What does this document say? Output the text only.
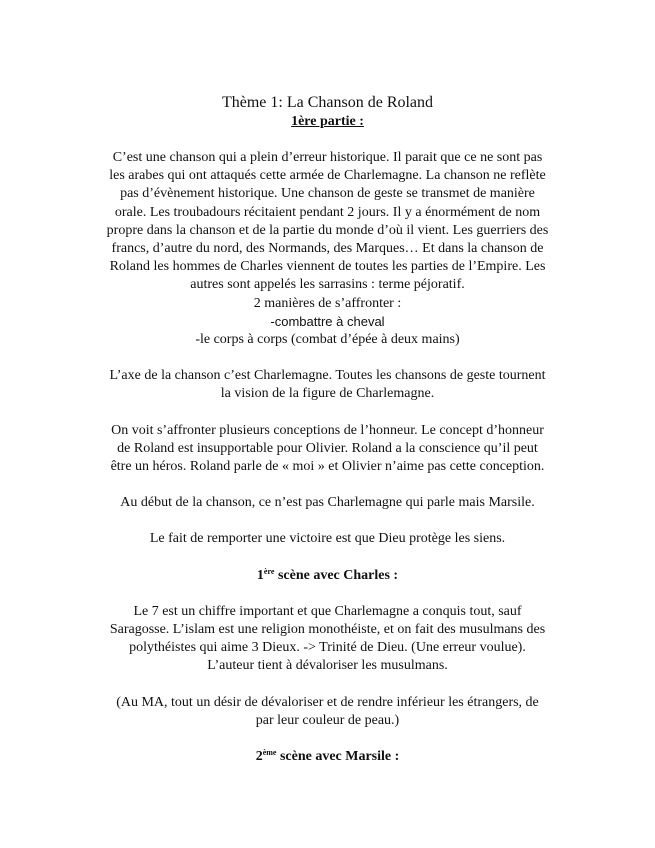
Thème 1: La Chanson de Roland

1ère partie :

C’est une chanson qui a plein d’erreur historique. Il parait que ce ne sont pas

les arabes qui ont attaqués cette armée de Charlemagne. La chanson ne reflète

pas d’évènement historique. Une chanson de geste se transmet de manière

orale. Les troubadours récitaient pendant 2 jours. Il y a énormément de nom

propre dans la chanson et de la partie du monde d’où il vient. Les guerriers des

francs, d’autre du nord, des Normands, des Marques… Et dans la chanson de

Roland les hommes de Charles viennent de toutes les parties de l’Empire. Les

autres sont appelés les sarrasins : terme péjoratif.

2 manières de s’affronter :

-combattre à cheval

-le corps à corps (combat d’épée à deux mains)

L’axe de la chanson c’est Charlemagne. Toutes les chansons de geste tournent

la vision de la figure de Charlemagne.

On voit s’affronter plusieurs conceptions de l’honneur. Le concept d’honneur

de Roland est insupportable pour Olivier. Roland a la conscience qu’il peut

être un héros. Roland parle de « moi » et Olivier n’aime pas cette conception.

Au début de la chanson, ce n’est pas Charlemagne qui parle mais Marsile.

Le fait de remporter une victoire est que Dieu protège les siens.

1ère scène avec Charles :

Le 7 est un chiffre important et que Charlemagne a conquis tout, sauf

Saragosse. L’islam est une religion monothéiste, et on fait des musulmans des

polythéistes qui aime 3 Dieux. -> Trinité de Dieu. (Une erreur voulue).

L’auteur tient à dévaloriser les musulmans.

(Au MA, tout un désir de dévaloriser et de rendre inférieur les étrangers, de

par leur couleur de peau.)

2ème scène avec Marsile :
